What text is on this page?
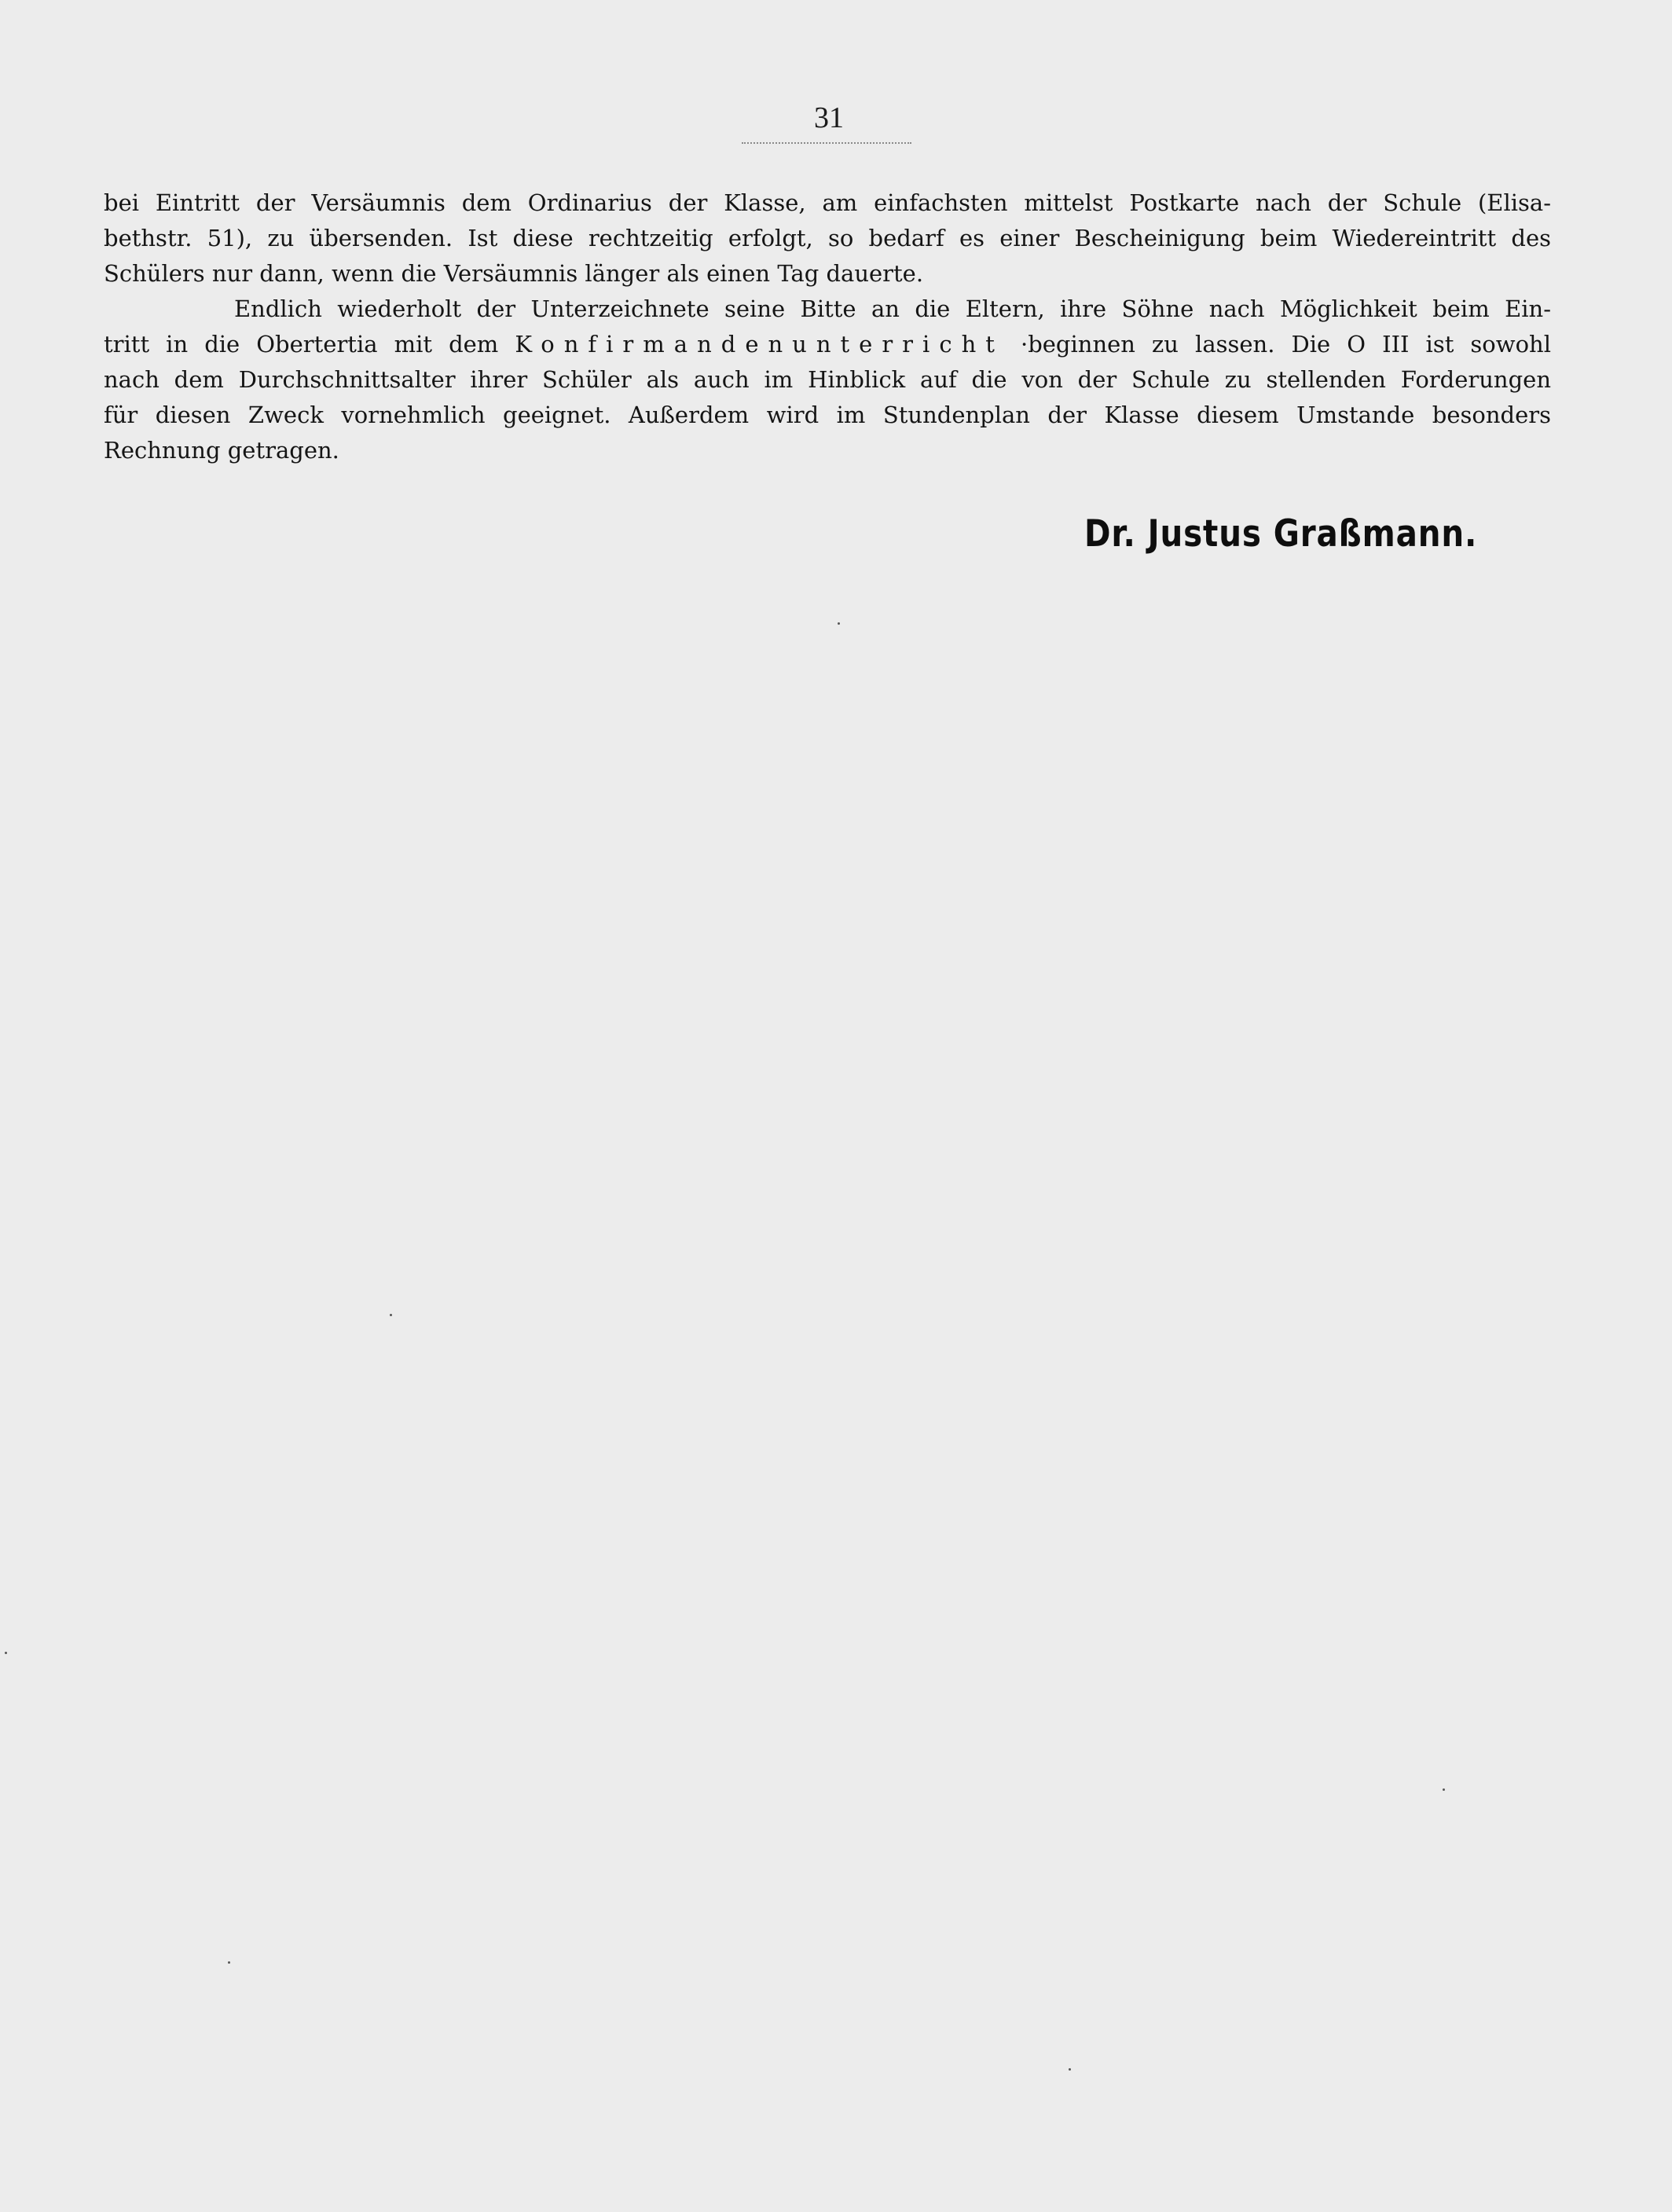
31
bei Eintritt der Versäumnis dem Ordinarius der Klasse, am einfachsten mittelst Postkarte nach der Schule (Elisa-
bethstr. 51), zu übersenden. Ist diese rechtzeitig erfolgt, so bedarf es einer Bescheinigung beim Wiedereintritt des
Schülers nur dann, wenn die Versäumnis länger als einen Tag dauerte.
Endlich wiederholt der Unterzeichnete seine Bitte an die Eltern, ihre Söhne nach Möglichkeit beim Ein-
tritt in die Obertertia mit dem Konfirmandenunterricht ·beginnen zu lassen. Die O III ist sowohl
nach dem Durchschnittsalter ihrer Schüler als auch im Hinblick auf die von der Schule zu stellenden Forderungen
für diesen Zweck vornehmlich geeignet. Außerdem wird im Stundenplan der Klasse diesem Umstande besonders
Rechnung getragen.
Dr. Justus Graßmann.
